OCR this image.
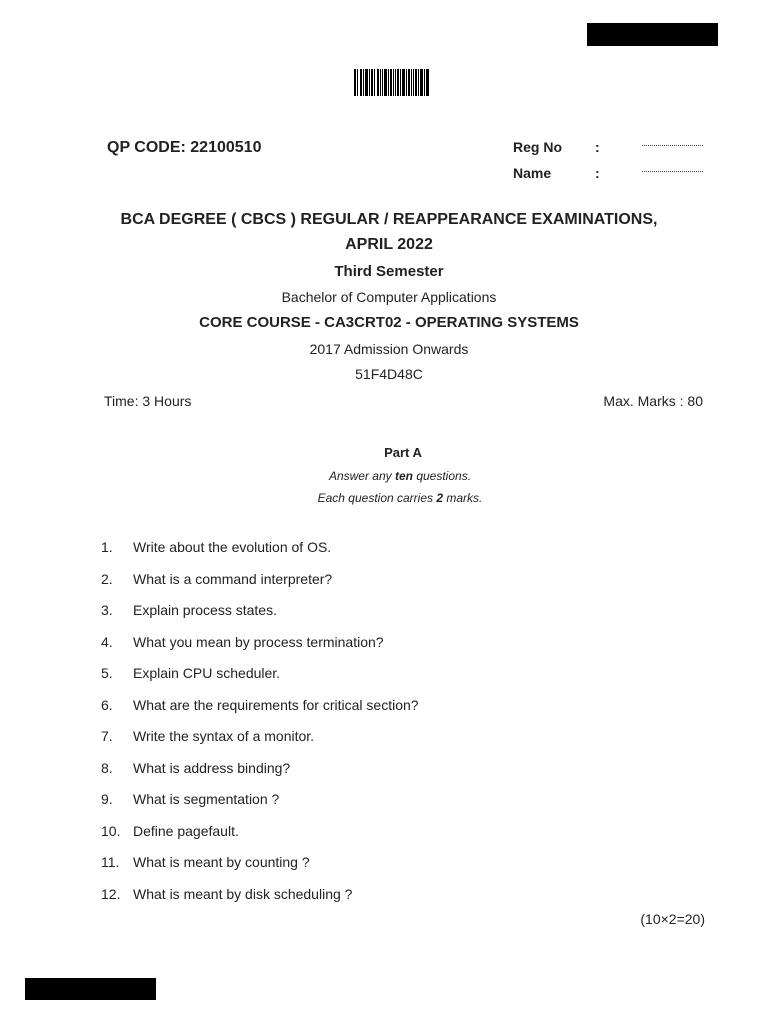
QP CODE: 22100510	Reg No	:
Name	:
BCA DEGREE ( CBCS ) REGULAR / REAPPEARANCE EXAMINATIONS,
APRIL 2022
Third Semester
Bachelor of Computer Applications
CORE COURSE - CA3CRT02 - OPERATING SYSTEMS
2017 Admission Onwards
51F4D48C
Time: 3 Hours	Max. Marks : 80
Part A
Answer any ten questions.
Each question carries 2 marks.
1. Write about the evolution of OS.
2. What is a command interpreter?
3. Explain process states.
4. What you mean by process termination?
5. Explain CPU scheduler.
6. What are the requirements for critical section?
7. Write the syntax of a monitor.
8. What is address binding?
9. What is segmentation ?
10. Define pagefault.
11. What is meant by counting ?
12. What is meant by disk scheduling ?
(10×2=20)
